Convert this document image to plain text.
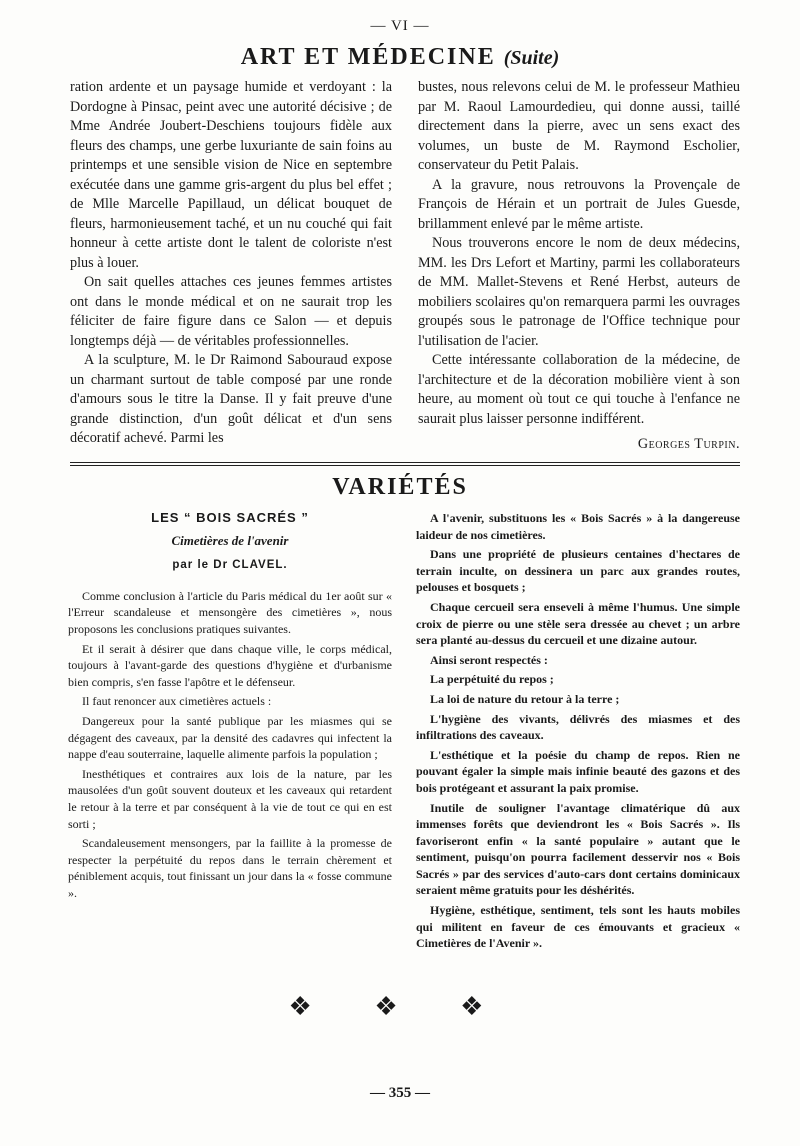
— VI —
ART ET MÉDECINE (Suite)

ration ardente et un paysage humide et verdoyant : la Dordogne à Pinsac, peint avec une autorité décisive ; de Mme Andrée Joubert-Deschiens toujours fidèle aux fleurs des champs, une gerbe luxuriante de sain foins au printemps et une sensible vision de Nice en septembre exécutée dans une gamme gris-argent du plus bel effet ; de Mlle Marcelle Papillaud, un délicat bouquet de fleurs, harmonieusement taché, et un nu couché qui fait honneur à cette artiste dont le talent de coloriste n'est plus à louer.

On sait quelles attaches ces jeunes femmes artistes ont dans le monde médical et on ne saurait trop les féliciter de faire figure dans ce Salon — et depuis longtemps déjà — de véritables professionnelles.

A la sculpture, M. le Dr Raimond Sabouraud expose un charmant surtout de table composé par une ronde d'amours sous le titre la Danse. Il y fait preuve d'une grande distinction, d'un goût délicat et d'un sens décoratif achevé. Parmi les

bustes, nous relevons celui de M. le professeur Mathieu par M. Raoul Lamourdedieu, qui donne aussi, taillé directement dans la pierre, avec un sens exact des volumes, un buste de M. Raymond Escholier, conservateur du Petit Palais.

A la gravure, nous retrouvons la Provençale de François de Hérain et un portrait de Jules Guesde, brillamment enlevé par le même artiste.

Nous trouverons encore le nom de deux médecins, MM. les Drs Lefort et Martiny, parmi les collaborateurs de MM. Mallet-Stevens et René Herbst, auteurs de mobiliers scolaires qu'on remarquera parmi les ouvrages groupés sous le patronage de l'Office technique pour l'utilisation de l'acier.

Cette intéressante collaboration de la médecine, de l'architecture et de la décoration mobilière vient à son heure, au moment où tout ce qui touche à l'enfance ne saurait plus laisser personne indifférent.

Georges Turpin.
VARIÉTÉS
LES “ BOIS SACRÉS ”
Cimetières de l'avenir
par le Dr CLAVEL.

Comme conclusion à l'article du Paris médical du 1er août sur « l'Erreur scandaleuse et mensongère des cimetières », nous proposons les conclusions pratiques suivantes.

Et il serait à désirer que dans chaque ville, le corps médical, toujours à l'avant-garde des questions d'hygiène et d'urbanisme bien compris, s'en fasse l'apôtre et le défenseur.

Il faut renoncer aux cimetières actuels :

Dangereux pour la santé publique par les miasmes qui se dégagent des caveaux, par la densité des cadavres qui infectent la nappe d'eau souterraine, laquelle alimente parfois la population ;

Inesthétiques et contraires aux lois de la nature, par les mausolées d'un goût souvent douteux et les caveaux qui retardent le retour à la terre et par conséquent à la vie de tout ce qui en est sorti ;

Scandaleusement mensongers, par la faillite à la promesse de respecter la perpétuité du repos dans le terrain chèrement et péniblement acquis, tout finissant un jour dans la « fosse commune ».

A l'avenir, substituons les « Bois Sacrés » à la dangereuse laideur de nos cimetières.

Dans une propriété de plusieurs centaines d'hectares de terrain inculte, on dessinera un parc aux grandes routes, pelouses et bosquets ;

Chaque cercueil sera enseveli à même l'humus. Une simple croix de pierre ou une stèle sera dressée au chevet ; un arbre sera planté au-dessus du cercueil et une dizaine autour.

Ainsi seront respectés :

La perpétuité du repos ;

La loi de nature du retour à la terre ;

L'hygiène des vivants, délivrés des miasmes et des infiltrations des caveaux.

L'esthétique et la poésie du champ de repos. Rien ne pouvant égaler la simple mais infinie beauté des gazons et des bois protégeant et assurant la paix promise.

Inutile de souligner l'avantage climatérique dû aux immenses forêts que deviendront les « Bois Sacrés ». Ils favoriseront enfin « la santé populaire » autant que le sentiment, puisqu'on pourra facilement desservir nos « Bois Sacrés » par des services d'auto-cars dont certains dominicaux seraient même gratuits pour les déshérités.

Hygiène, esthétique, sentiment, tels sont les hauts mobiles qui militent en faveur de ces émouvants et gracieux « Cimetières de l'Avenir ».

❖ ❖ ❖
— 355 —
